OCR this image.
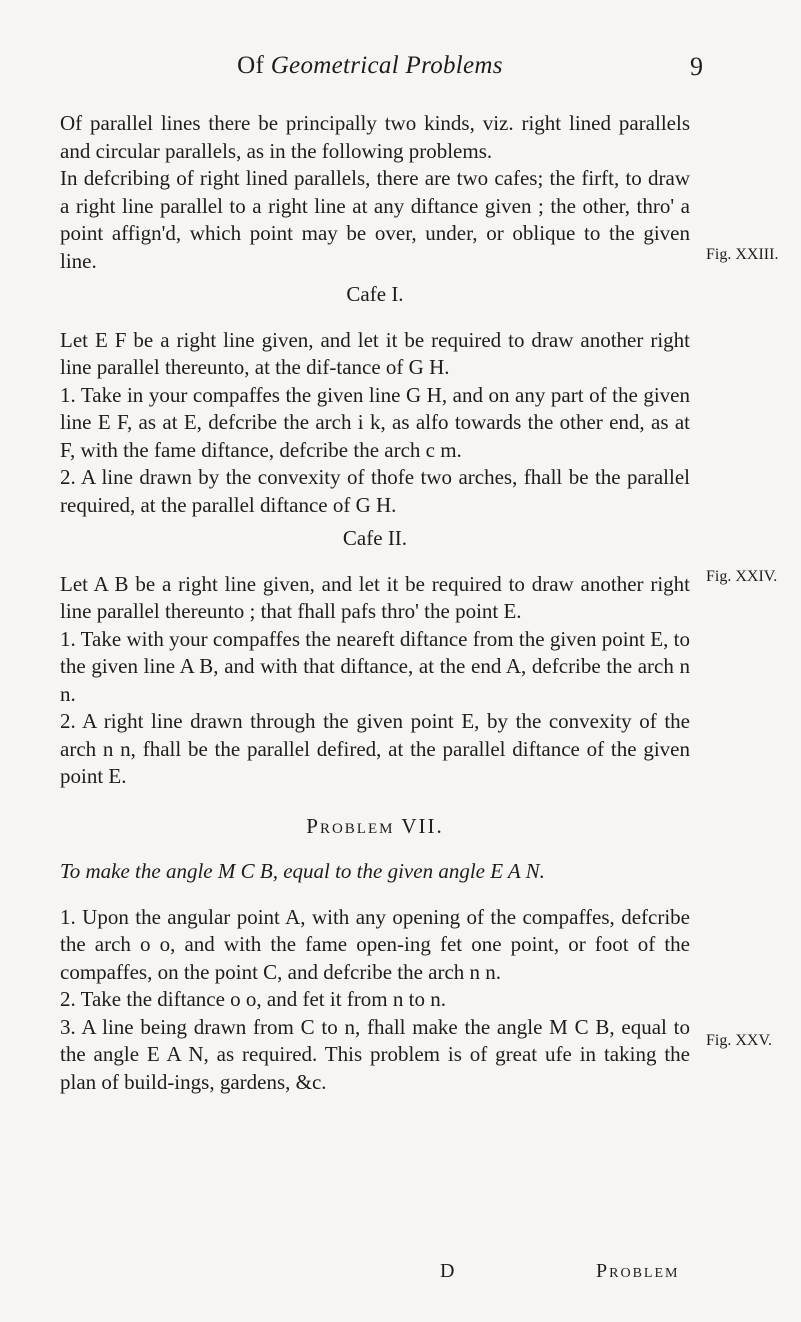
Of Geometrical Problems	9

Of parallel lines there be principally two kinds, viz. right lined parallels and circular parallels, as in the following problems.

In defcribing of right lined parallels, there are two cafes; the firft, to draw a right line parallel to a right line at any diftance given ; the other, thro' a point affign'd, which point may be over, under, or oblique to the given line.

Cafe I.

Let E F be a right line given, and let it be required to draw another right line parallel thereunto, at the dif-tance of G H.

1. Take in your compaffes the given line G H, and on any part of the given line E F, as at E, defcribe the arch i k, as alfo towards the other end, as at F, with the fame diftance, defcribe the arch c m.

2. A line drawn by the convexity of thofe two arches, fhall be the parallel required, at the parallel diftance of G H.

Cafe II.

Let A B be a right line given, and let it be required to draw another right line parallel thereunto ; that fhall pafs thro' the point E.

1. Take with your compaffes the neareft diftance from the given point E, to the given line A B, and with that diftance, at the end A, defcribe the arch n n.

2. A right line drawn through the given point E, by the convexity of the arch n n, fhall be the parallel defired, at the parallel diftance of the given point E.

Problem VII.

To make the angle M C B, equal to the given angle E A N.

1. Upon the angular point A, with any opening of the compaffes, defcribe the arch o o, and with the fame open-ing fet one point, or foot of the compaffes, on the point C, and defcribe the arch n n.

2. Take the diftance o o, and fet it from n to n.

3. A line being drawn from C to n, fhall make the angle M C B, equal to the angle E A N, as required. This problem is of great ufe in taking the plan of build-ings, gardens, &c.

Fig. XXIII.
Fig. XXIV.
Fig. XXV.
D	Problem
